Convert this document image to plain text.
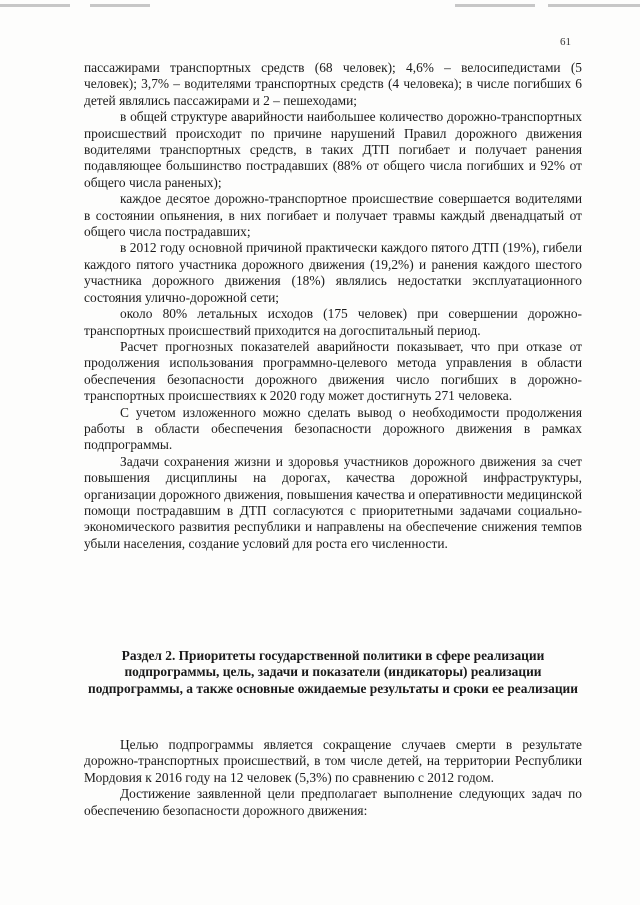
61

пассажирами транспортных средств (68 человек); 4,6% – велосипедистами (5 человек); 3,7% – водителями транспортных средств (4 человека); в числе погибших 6 детей являлись пассажирами и 2 – пешеходами;

в общей структуре аварийности наибольшее количество дорожно-транспортных происшествий происходит по причине нарушений Правил дорожного движения водителями транспортных средств, в таких ДТП погибает и получает ранения подавляющее большинство пострадавших (88% от общего числа погибших и 92% от общего числа раненых);

каждое десятое дорожно-транспортное происшествие совершается водителями в состоянии опьянения, в них погибает и получает травмы каждый двенадцатый от общего числа пострадавших;

в 2012 году основной причиной практически каждого пятого ДТП (19%), гибели каждого пятого участника дорожного движения (19,2%) и ранения каждого шестого участника дорожного движения (18%) являлись недостатки эксплуатационного состояния улично-дорожной сети;

около 80% летальных исходов (175 человек) при совершении дорожно-транспортных происшествий приходится на догоспитальный период.

Расчет прогнозных показателей аварийности показывает, что при отказе от продолжения использования программно-целевого метода управления в области обеспечения безопасности дорожного движения число погибших в дорожно-транспортных происшествиях к 2020 году может достигнуть 271 человека.

С учетом изложенного можно сделать вывод о необходимости продолжения работы в области обеспечения безопасности дорожного движения в рамках подпрограммы.

Задачи сохранения жизни и здоровья участников дорожного движения за счет повышения дисциплины на дорогах, качества дорожной инфраструктуры, организации дорожного движения, повышения качества и оперативности медицинской помощи пострадавшим в ДТП согласуются с приоритетными задачами социально-экономического развития республики и направлены на обеспечение снижения темпов убыли населения, создание условий для роста его численности.

Раздел 2. Приоритеты государственной политики в сфере реализации подпрограммы, цель, задачи и показатели (индикаторы) реализации подпрограммы, а также основные ожидаемые результаты и сроки ее реализации

Целью подпрограммы является сокращение случаев смерти в результате дорожно-транспортных происшествий, в том числе детей, на территории Республики Мордовия к 2016 году на 12 человек (5,3%) по сравнению с 2012 годом.

Достижение заявленной цели предполагает выполнение следующих задач по обеспечению безопасности дорожного движения:
